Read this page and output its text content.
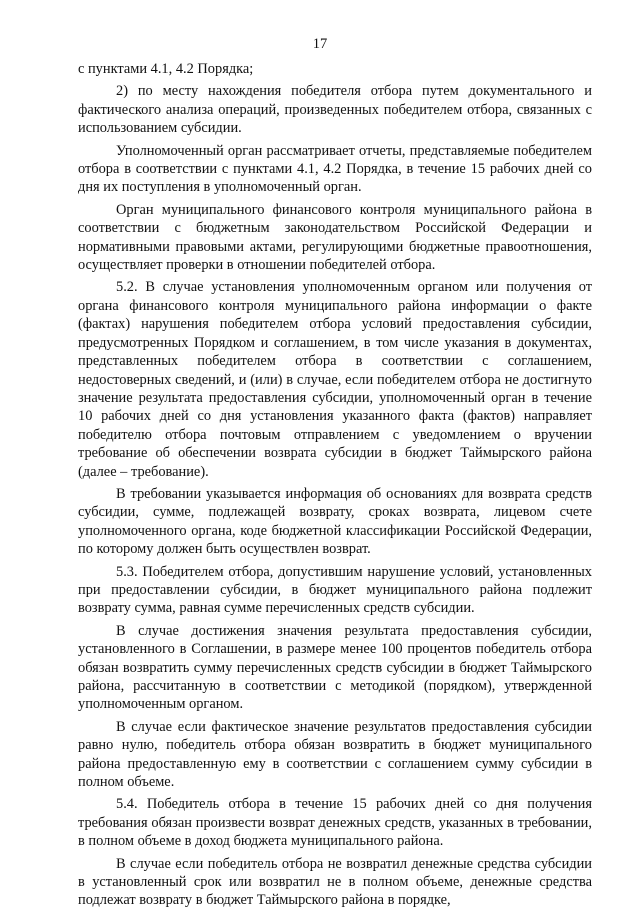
17

с пунктами 4.1, 4.2 Порядка;

2) по месту нахождения победителя отбора путем документального и фактического анализа операций, произведенных победителем отбора, связанных с использованием субсидии.

Уполномоченный орган рассматривает отчеты, представляемые победителем отбора в соответствии с пунктами 4.1, 4.2 Порядка, в течение 15 рабочих дней со дня их поступления в уполномоченный орган.

Орган муниципального финансового контроля муниципального района в соответствии с бюджетным законодательством Российской Федерации и нормативными правовыми актами, регулирующими бюджетные правоотношения, осуществляет проверки в отношении победителей отбора.

5.2. В случае установления уполномоченным органом или получения от органа финансового контроля муниципального района информации о факте (фактах) нарушения победителем отбора условий предоставления субсидии, предусмотренных Порядком и соглашением, в том числе указания в документах, представленных победителем отбора в соответствии с соглашением, недостоверных сведений, и (или) в случае, если победителем отбора не достигнуто значение результата предоставления субсидии, уполномоченный орган в течение 10 рабочих дней со дня установления указанного факта (фактов) направляет победителю отбора почтовым отправлением с уведомлением о вручении требование об обеспечении возврата субсидии в бюджет Таймырского района (далее – требование).

В требовании указывается информация об основаниях для возврата средств субсидии, сумме, подлежащей возврату, сроках возврата, лицевом счете уполномоченного органа, коде бюджетной классификации Российской Федерации, по которому должен быть осуществлен возврат.

5.3. Победителем отбора, допустившим нарушение условий, установленных при предоставлении субсидии, в бюджет муниципального района подлежит возврату сумма, равная сумме перечисленных средств субсидии.

В случае достижения значения результата предоставления субсидии, установленного в Соглашении, в размере менее 100 процентов победитель отбора обязан возвратить сумму перечисленных средств субсидии в бюджет Таймырского района, рассчитанную в соответствии с методикой (порядком), утвержденной уполномоченным органом.

В случае если фактическое значение результатов предоставления субсидии равно нулю, победитель отбора обязан возвратить в бюджет муниципального района предоставленную ему в соответствии с соглашением сумму субсидии в полном объеме.

5.4. Победитель отбора в течение 15 рабочих дней со дня получения требования обязан произвести возврат денежных средств, указанных в требовании, в полном объеме в доход бюджета муниципального района.

В случае если победитель отбора не возвратил денежные средства субсидии в установленный срок или возвратил не в полном объеме, денежные средства подлежат возврату в бюджет Таймырского района в порядке,
